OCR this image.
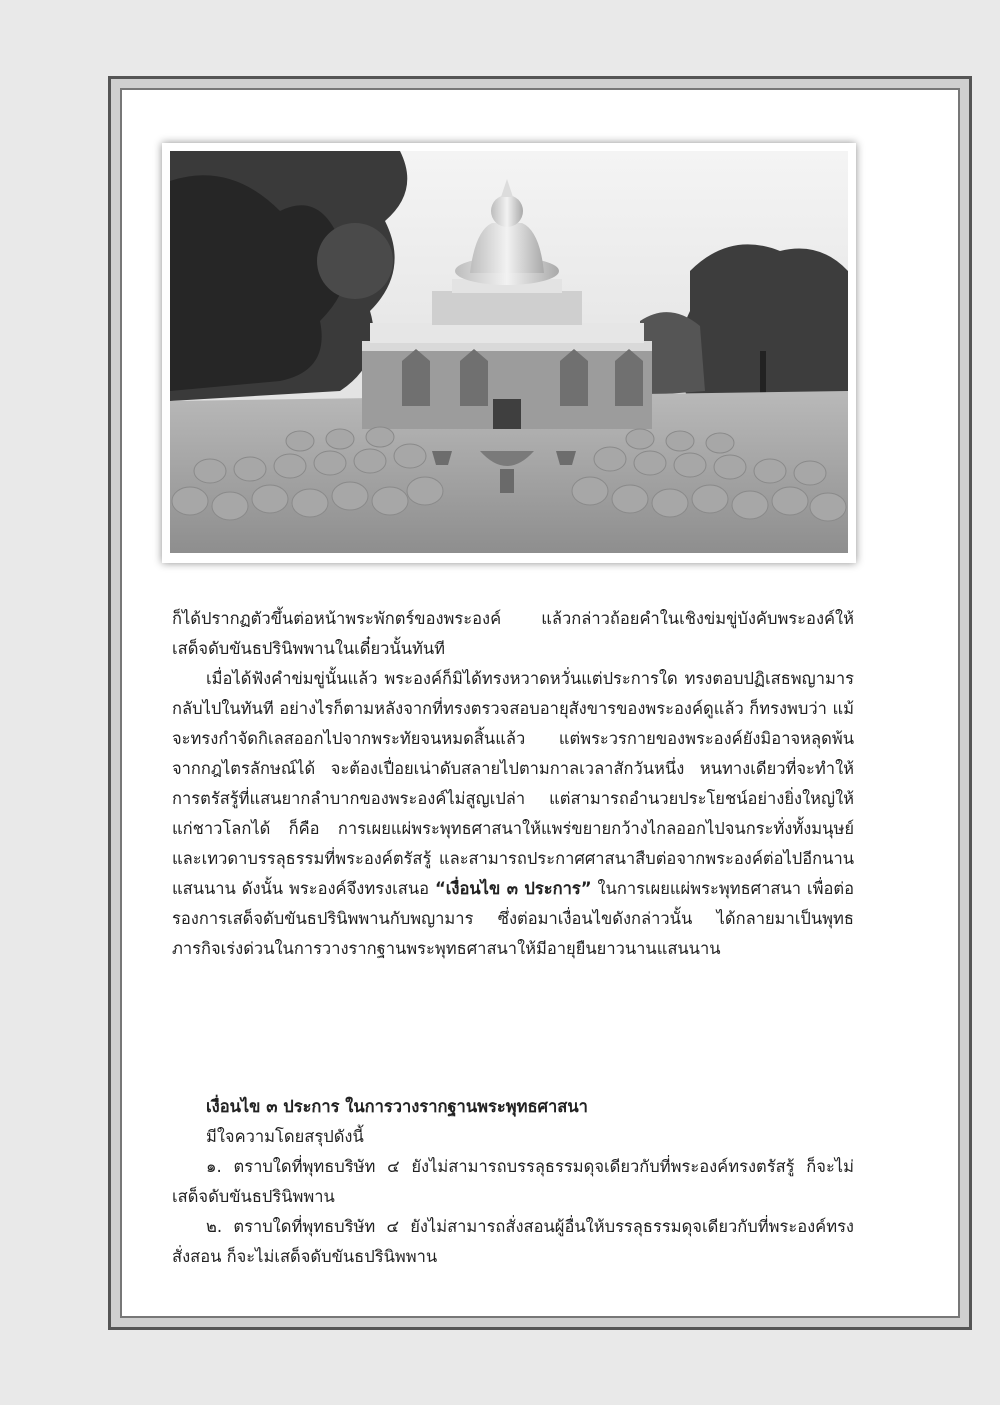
ก็ได้ปรากฏตัวขึ้นต่อหน้าพระพักตร์ของพระองค์ แล้วกล่าวถ้อยคำในเชิงข่มขู่บังคับพระองค์ให้เสด็จดับขันธปรินิพพานในเดี๋ยวนั้นทันที

เมื่อได้ฟังคำข่มขู่นั้นแล้ว พระองค์ก็มิได้ทรงหวาดหวั่นแต่ประการใด ทรงตอบปฏิเสธพญามารกลับไปในทันที อย่างไรก็ตามหลังจากที่ทรงตรวจสอบอายุสังขารของพระองค์ดูแล้ว ก็ทรงพบว่า แม้จะทรงกำจัดกิเลสออกไปจากพระทัยจนหมดสิ้นแล้ว แต่พระวรกายของพระองค์ยังมิอาจหลุดพ้นจากกฎไตรลักษณ์ได้ จะต้องเปื่อยเน่าดับสลายไปตามกาลเวลาสักวันหนึ่ง หนทางเดียวที่จะทำให้การตรัสรู้ที่แสนยากลำบากของพระองค์ไม่สูญเปล่า แต่สามารถอำนวยประโยชน์อย่างยิ่งใหญ่ให้แก่ชาวโลกได้ ก็คือ การเผยแผ่พระพุทธศาสนาให้แพร่ขยายกว้างไกลออกไปจนกระทั่งทั้งมนุษย์และเทวดาบรรลุธรรมที่พระองค์ตรัสรู้ และสามารถประกาศศาสนาสืบต่อจากพระองค์ต่อไปอีกนานแสนนาน ดังนั้น พระองค์จึงทรงเสนอ “เงื่อนไข ๓ ประการ” ในการเผยแผ่พระพุทธศาสนา เพื่อต่อรองการเสด็จดับขันธปรินิพพานกับพญามาร ซึ่งต่อมาเงื่อนไขดังกล่าวนั้น ได้กลายมาเป็นพุทธภารกิจเร่งด่วนในการวางรากฐานพระพุทธศาสนาให้มีอายุยืนยาวนานแสนนาน

เงื่อนไข ๓ ประการ ในการวางรากฐานพระพุทธศาสนา

มีใจความโดยสรุปดังนี้

๑. ตราบใดที่พุทธบริษัท ๔ ยังไม่สามารถบรรลุธรรมดุจเดียวกับที่พระองค์ทรงตรัสรู้ ก็จะไม่เสด็จดับขันธปรินิพพาน

๒. ตราบใดที่พุทธบริษัท ๔ ยังไม่สามารถสั่งสอนผู้อื่นให้บรรลุธรรมดุจเดียวกับที่พระองค์ทรงสั่งสอน ก็จะไม่เสด็จดับขันธปรินิพพาน
